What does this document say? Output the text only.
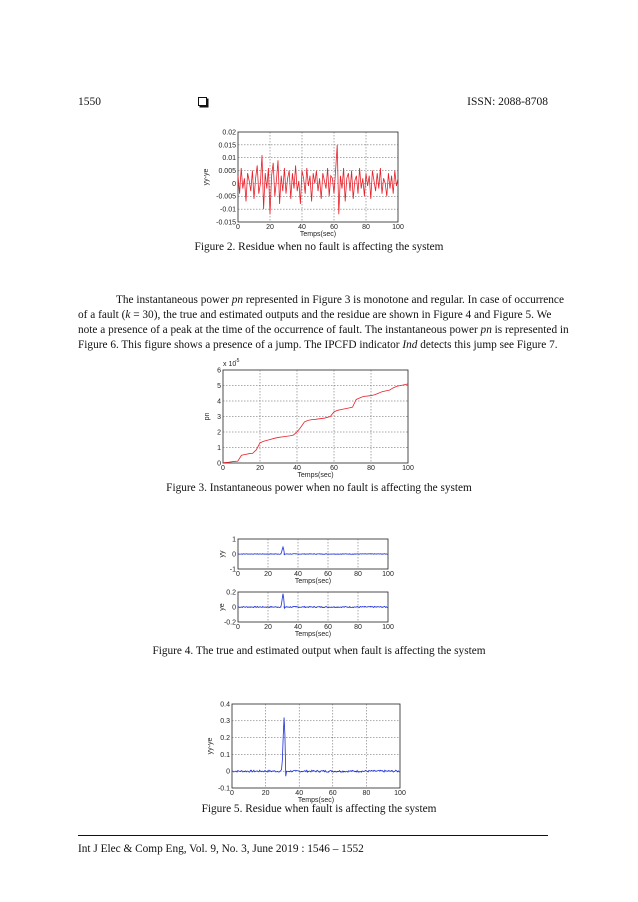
1550	ISSN: 2088-8708
0	20	40	60	80	100
-0.015
-0.01
-0.005
0
0.005
0.01
0.015
0.02
Temps(sec)
yy-ye
Figure 2. Residue when no fault is affecting the system
The instantaneous power pn represented in Figure 3 is monotone and regular. In case of occurrence
of a fault (k = 30), the true and estimated outputs and the residue are shown in Figure 4 and Figure 5. We
note a presence of a peak at the time of the occurrence of fault. The instantaneous power pn is represented in
Figure 6. This figure shows a presence of a jump. The IPCFD indicator Ind detects this jump see Figure 7.
0	20	40	60	80	100
0
1
2
3
4
5
6
Temps(sec)
pn
x 10
-5
Figure 3. Instantaneous power when no fault is affecting the system
0	20	40	60	80	100
-1
0
1
Temps(sec)
yy
0	20	40	60	80	100
-0.2
0
0.2
Temps(sec)
ye
Figure 4. The true and estimated output when fault is affecting the system
0	20	40	60	80	100
-0.1
0
0.1
0.2
0.3
0.4
Temps(sec)
yy-ye
Figure 5. Residue when fault is affecting the system
Int J Elec & Comp Eng, Vol. 9, No. 3, June 2019 : 1546 – 1552
